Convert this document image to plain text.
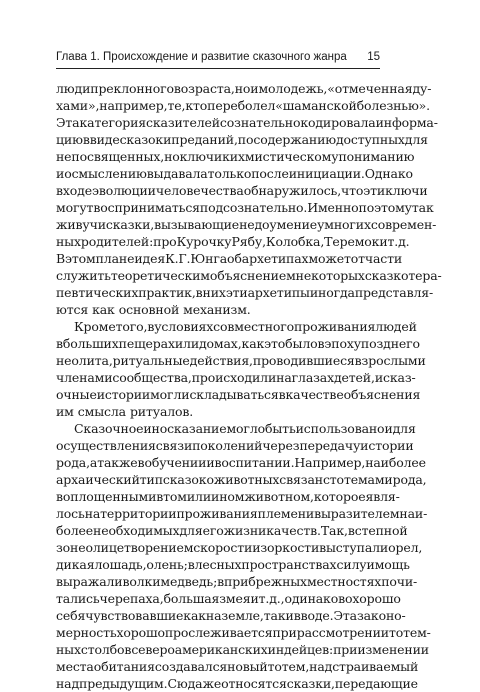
Глава 1. Происхождение и развитие сказочного жанра 15
люди преклонного возраста, но и молодежь, «отмеченная ду-
хами», например, те, кто переболел «шаманской болезнью».
Эта категория сказителей сознательно кодировала информа-
цию в виде сказок и преданий, по содержанию доступных для
непосвященных, но ключи к их мистическому пониманию
и осмыслению выдавала только после инициации. Однако
в ходе эволюции человечества обнаружилось, что эти ключи
могут восприниматься подсознательно. Именно поэтому так
живучи сказки, вызывающие недоумение у многих современ-
ных родителей: про Курочку Рябу, Колобка, Теремок и т. д.
В этом плане идея К.Г. Юнга об архетипах может отчасти
служить теоретическим объяснением некоторых сказкотера-
певтических практик, в них эти архетипы иногда представля-
ются как основной механизм.
Кроме того, в условиях совместного проживания людей
в больших пещерах или домах, как это было в эпоху позднего
неолита, ритуальные действия, проводившиеся взрослыми
членами сообщества, происходили на глазах детей, и сказ-
очные истории могли складываться в качестве объяснения
им смысла ритуалов.
Сказочное иносказание могло быть использовано и для
осуществления связи поколений через передачу истории
рода, а также в обучении и воспитании. Например, наиболее
архаический тип сказок о животных связан с тотемами рода,
воплощенными в том или ином животном, которое явля-
лось на территории проживания племени выразителем наи-
более необходимых для его жизни качеств. Так, в степной
зоне олицетворением скорости и зоркости выступали орел,
дикая лошадь, олень; в лесных пространствах силу и мощь
выражали волк и медведь; в прибрежных местностях почи-
тались черепаха, большая змея и т. д., одинаково хорошо
себя чувствовавшие как на земле, так и в воде. Эта законо-
мерность хорошо прослеживается при рассмотрении тотем-
ных столбов североамериканских индейцев: при изменении
места обитания создавался новый тотем, надстраиваемый
над предыдущим. Сюда же относятся сказки, передающие
